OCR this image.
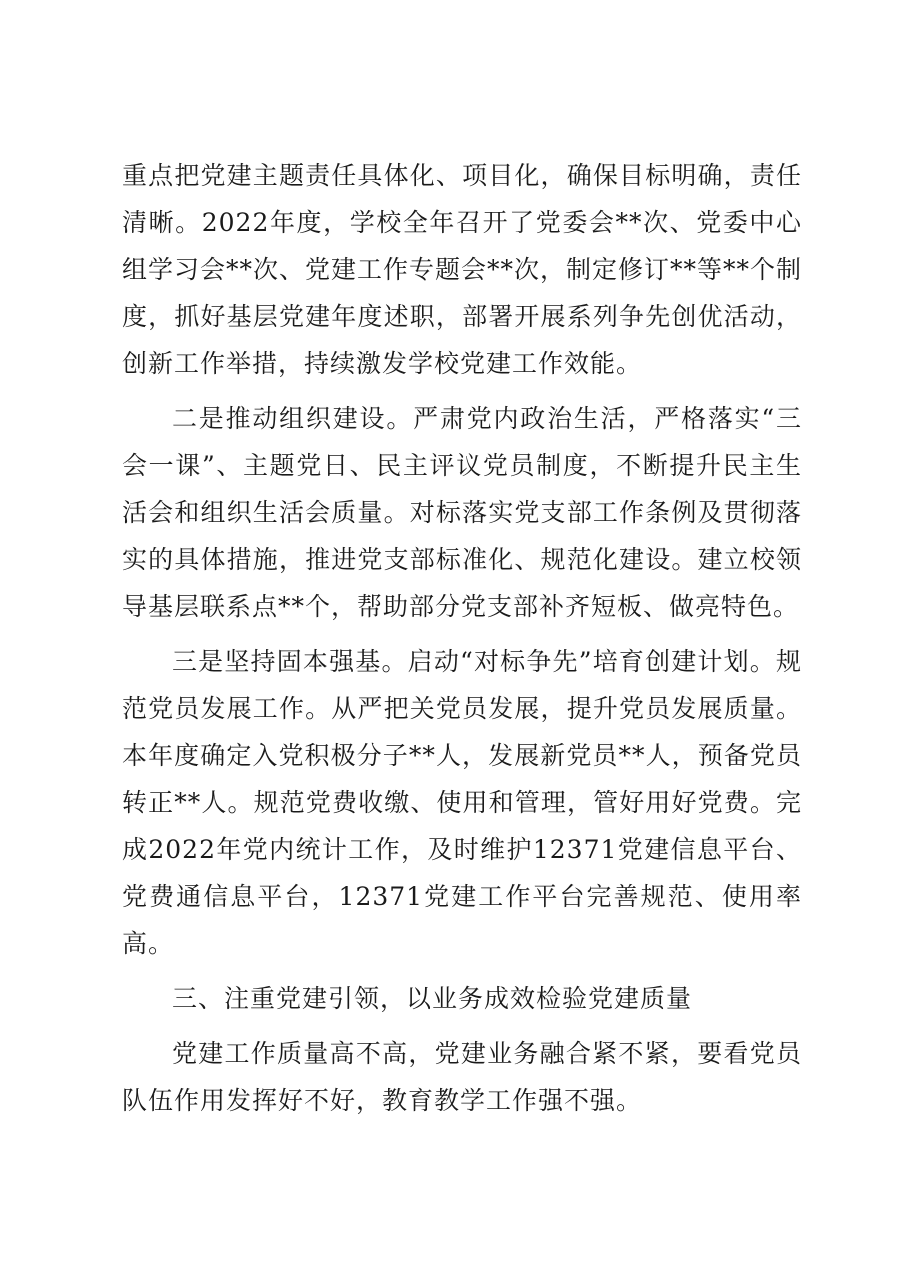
重点把党建主题责任具体化、项目化，确保目标明确，责任清晰。2022年度，学校全年召开了党委会**次、党委中心组学习会**次、党建工作专题会**次，制定修订**等**个制度，抓好基层党建年度述职，部署开展系列争先创优活动，创新工作举措，持续激发学校党建工作效能。

二是推动组织建设。严肃党内政治生活，严格落实“三会一课”、主题党日、民主评议党员制度，不断提升民主生活会和组织生活会质量。对标落实党支部工作条例及贯彻落实的具体措施，推进党支部标准化、规范化建设。建立校领导基层联系点**个，帮助部分党支部补齐短板、做亮特色。

三是坚持固本强基。启动“对标争先”培育创建计划。规范党员发展工作。从严把关党员发展，提升党员发展质量。本年度确定入党积极分子**人，发展新党员**人，预备党员转正**人。规范党费收缴、使用和管理，管好用好党费。完成2022年党内统计工作，及时维护12371党建信息平台、党费通信息平台，12371党建工作平台完善规范、使用率高。

三、注重党建引领，以业务成效检验党建质量

党建工作质量高不高，党建业务融合紧不紧，要看党员队伍作用发挥好不好，教育教学工作强不强。
